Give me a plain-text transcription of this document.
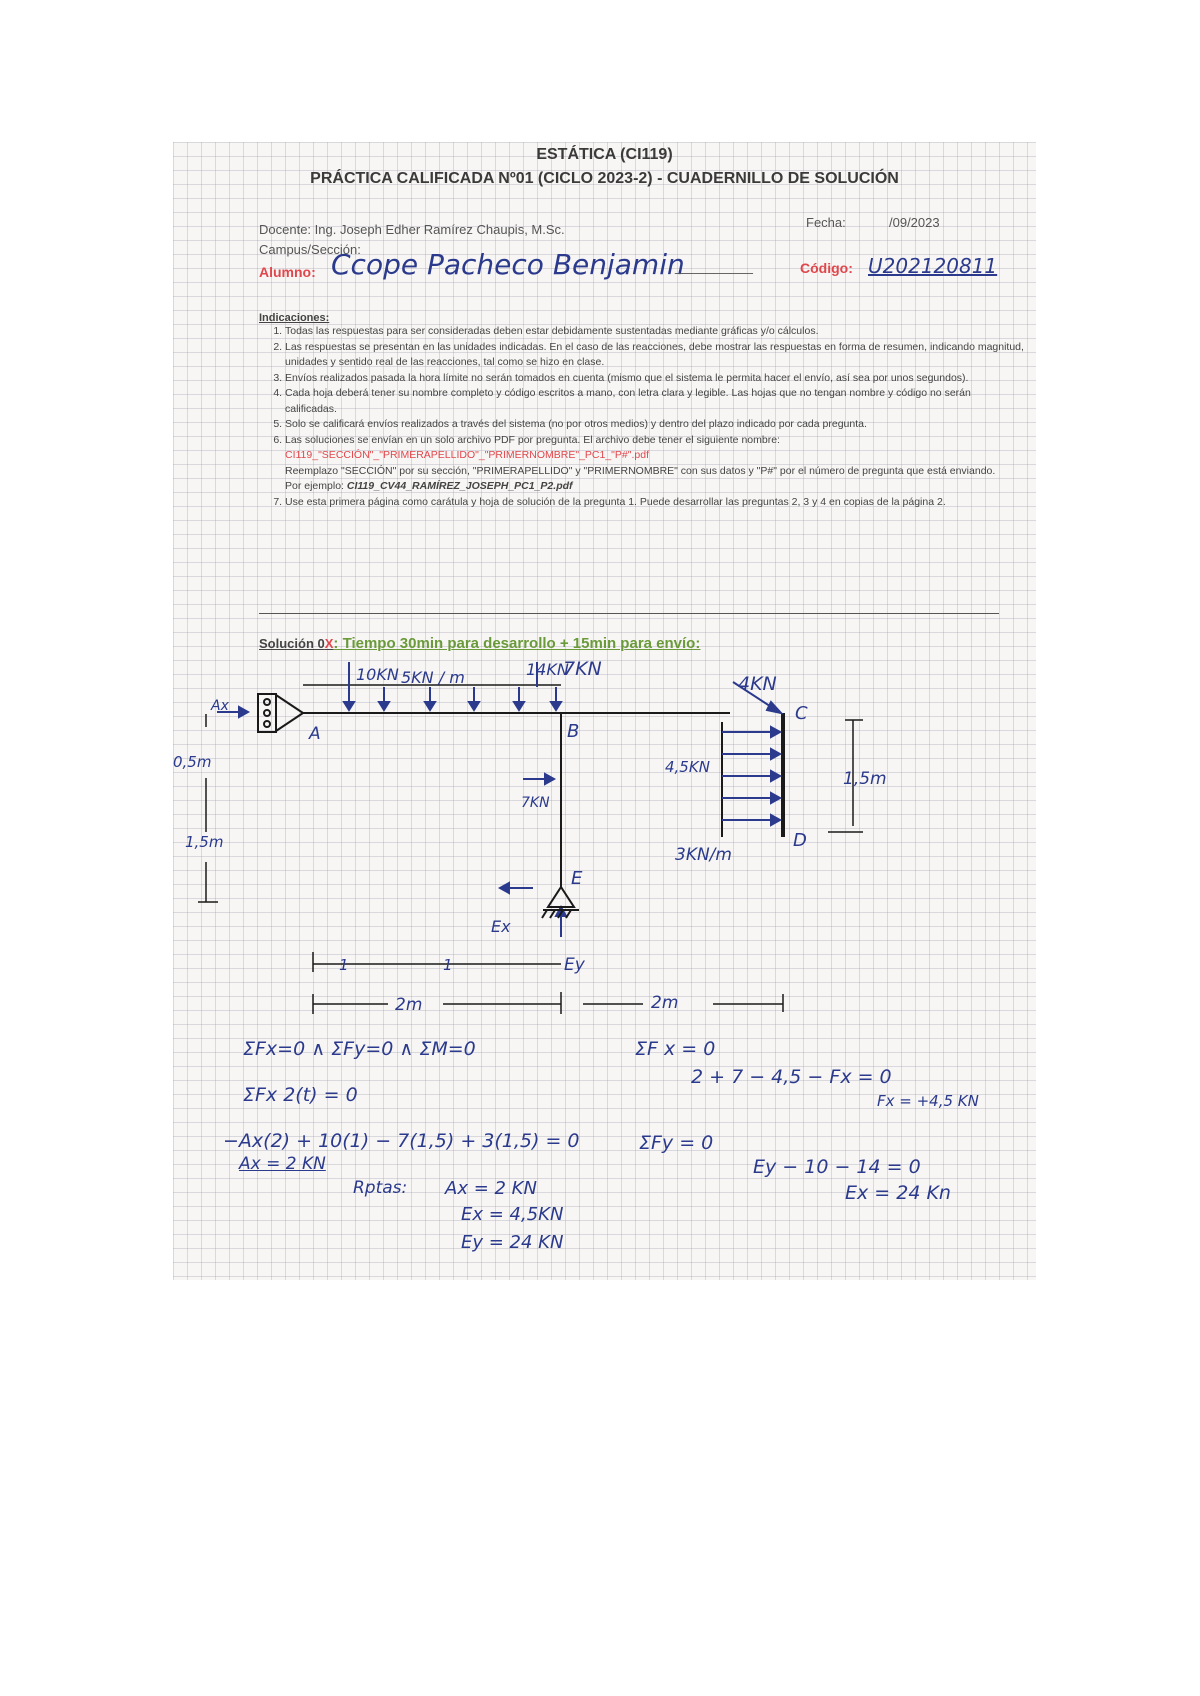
ESTÁTICA (CI119)
PRÁCTICA CALIFICADA Nº01 (CICLO 2023-2) - CUADERNILLO DE SOLUCIÓN
Docente: Ing. Joseph Edher Ramírez Chaupis, M.Sc.	Fecha:	/09/2023
Campus/Sección:
Alumno: Ccope Pacheco Benjamin
__________	Código: U202120811
Indicaciones:
1. Todas las respuestas para ser consideradas deben estar debidamente sustentadas mediante gráficas y/o cálculos.
2. Las respuestas se presentan en las unidades indicadas. En el caso de las reacciones, debe mostrar las respuestas en forma de resumen, indicando magnitud, unidades y sentido real de las reacciones, tal como se hizo en clase.
3. Envíos realizados pasada la hora límite no serán tomados en cuenta (mismo que el sistema le permita hacer el envío, así sea por unos segundos).
4. Cada hoja deberá tener su nombre completo y código escritos a mano, con letra clara y legible. Las hojas que no tengan nombre y código no serán calificadas.
5. Solo se calificará envíos realizados a través del sistema (no por otros medios) y dentro del plazo indicado por cada pregunta.
6. Las soluciones se envían en un solo archivo PDF por pregunta. El archivo debe tener el siguiente nombre:
CI119_"SECCIÓN"_"PRIMERAPELLIDO"_"PRIMERNOMBRE"_PC1_"P#".pdf
Reemplazo "SECCIÓN" por su sección, "PRIMERAPELLIDO" y "PRIMERNOMBRE" con sus datos y "P#" por el número de pregunta que está enviando.
Por ejemplo: CI119_CV44_RAMÍREZ_JOSEPH_PC1_P2.pdf
7. Use esta primera página como carátula y hoja de solución de la pregunta 1. Puede desarrollar las preguntas 2, 3 y 4 en copias de la página 2.
Solución 0X: Tiempo 30min para desarrollo + 15min para envío:
10KN 5KN / m	14KN
7KN
4KN
Ax
A	B
C
D
E
0,5m
1,5m
1,5m
4,5KN
7KN
3KN/m
Ex
Ey
1	1
2m	2m
ΣFx=0 ∧ ΣFy=0 ∧ ΣM=0
ΣFx 2(t) = 0
−Ax(2) + 10(1) − 7(1,5) + 3(1,5) = 0
Ax = 2 KN
Rptas: Ax = 2 KN
Ex = 4,5KN
Ey = 24 KN
ΣF x = 0
2 + 7 − 4,5 − Fx = 0
Fx = +4,5 KN
ΣFy = 0
Ey − 10 − 14 = 0
Ex = 24 Kn
